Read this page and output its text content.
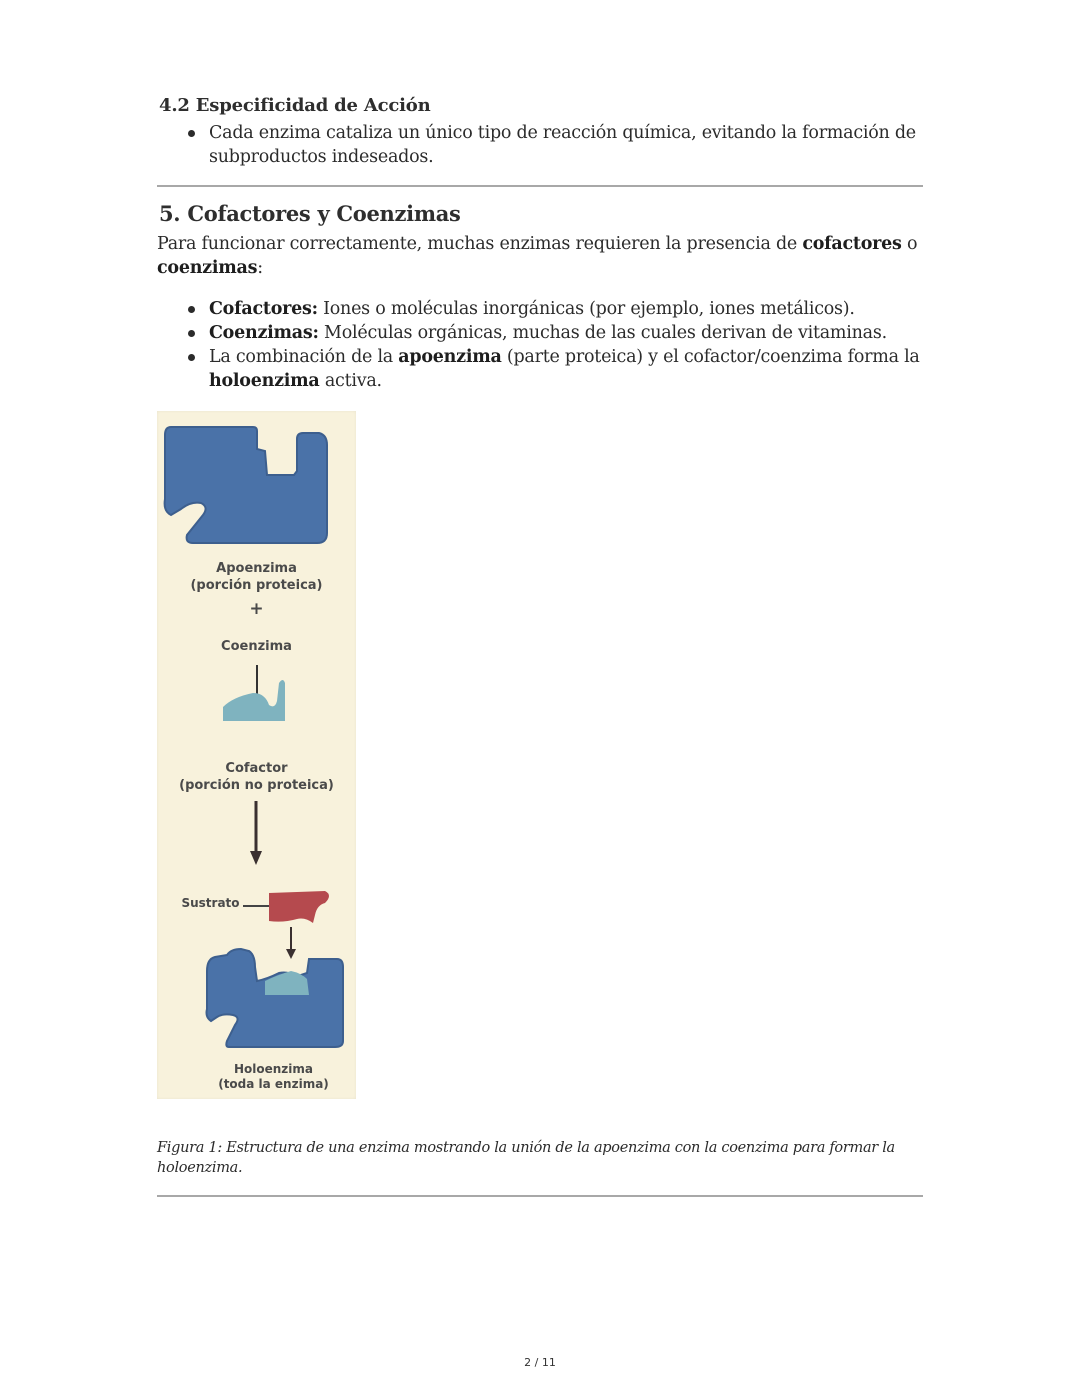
4.2 Especificidad de Acción
Cada enzima cataliza un único tipo de reacción química, evitando la formación de subproductos indeseados.
5. Cofactores y Coenzimas
Para funcionar correctamente, muchas enzimas requieren la presencia de cofactores o
coenzimas:
Cofactores: Iones o moléculas inorgánicas (por ejemplo, iones metálicos).
Coenzimas: Moléculas orgánicas, muchas de las cuales derivan de vitaminas.
La combinación de la apoenzima (parte proteica) y el cofactor/coenzima forma la
holoenzima activa.
Apoenzima
(porción proteica)
+
Coenzima
Cofactor
(porción no proteica)
Sustrato
Holoenzima
(toda la enzima)
Figura 1: Estructura de una enzima mostrando la unión de la apoenzima con la coenzima para formar la holoenzima.
2 / 11
